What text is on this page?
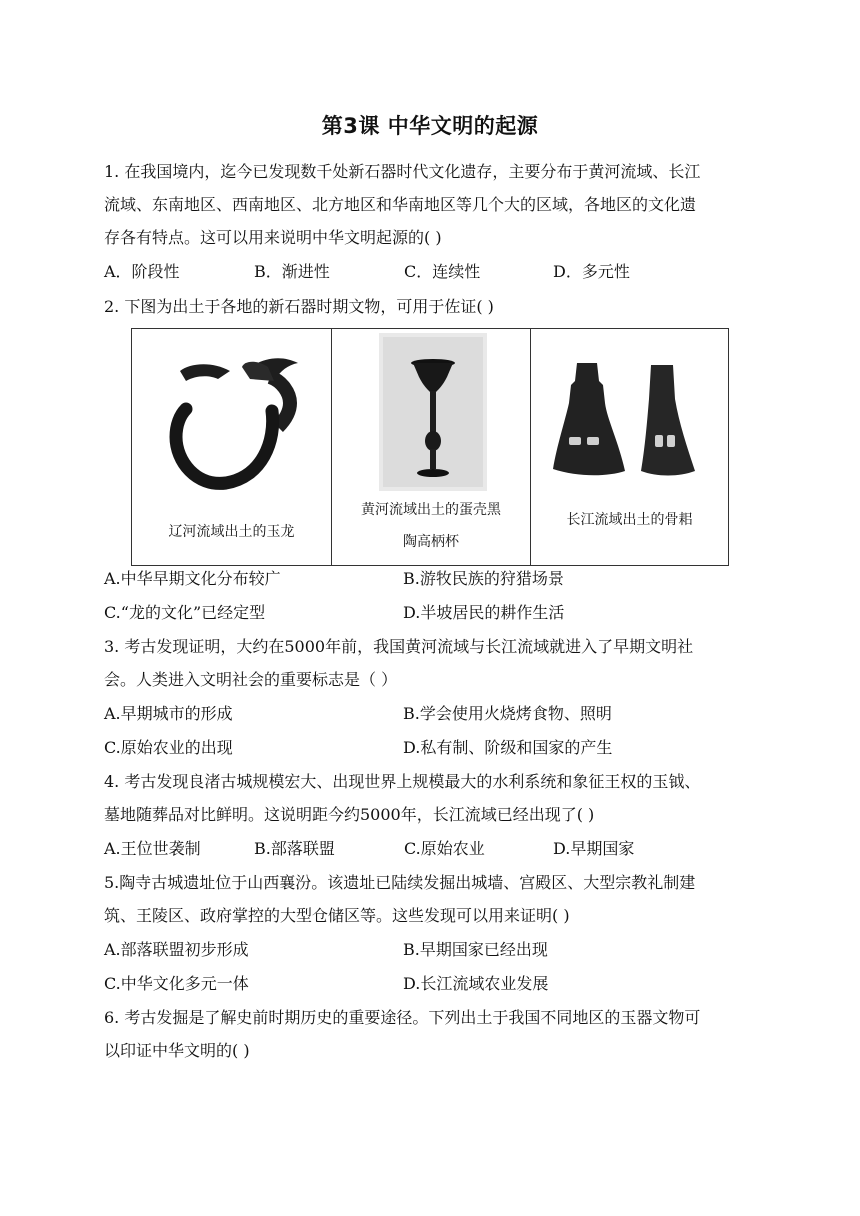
第3课 中华文明的起源
1. 在我国境内，迄今已发现数千处新石器时代文化遗存，主要分布于黄河流域、长江
流域、东南地区、西南地区、北方地区和华南地区等几个大的区域，各地区的文化遗
存各有特点。这可以用来说明中华文明起源的( )
A．阶段性	B．渐进性	C．连续性	D．多元性
2. 下图为出土于各地的新石器时期文物，可用于佐证( )
辽河流域出土的玉龙
黄河流域出土的蛋壳黑
陶高柄杯
长江流域出土的骨耜
A.中华早期文化分布较广	B.游牧民族的狩猎场景
C.“龙的文化”已经定型	D.半坡居民的耕作生活
3. 考古发现证明，大约在5000年前，我国黄河流域与长江流域就进入了早期文明社
会。人类进入文明社会的重要标志是（ ）
A.早期城市的形成	B.学会使用火烧烤食物、照明
C.原始农业的出现	D.私有制、阶级和国家的产生
4. 考古发现良渚古城规模宏大、出现世界上规模最大的水利系统和象征王权的玉钺、
墓地随葬品对比鲜明。这说明距今约5000年，长江流域已经出现了( )
A.王位世袭制	B.部落联盟	C.原始农业	D.早期国家
5.陶寺古城遗址位于山西襄汾。该遗址已陆续发掘出城墙、宫殿区、大型宗教礼制建
筑、王陵区、政府掌控的大型仓储区等。这些发现可以用来证明( )
A.部落联盟初步形成	B.早期国家已经出现
C.中华文化多元一体	D.长江流域农业发展
6. 考古发掘是了解史前时期历史的重要途径。下列出土于我国不同地区的玉器文物可
以印证中华文明的( )
